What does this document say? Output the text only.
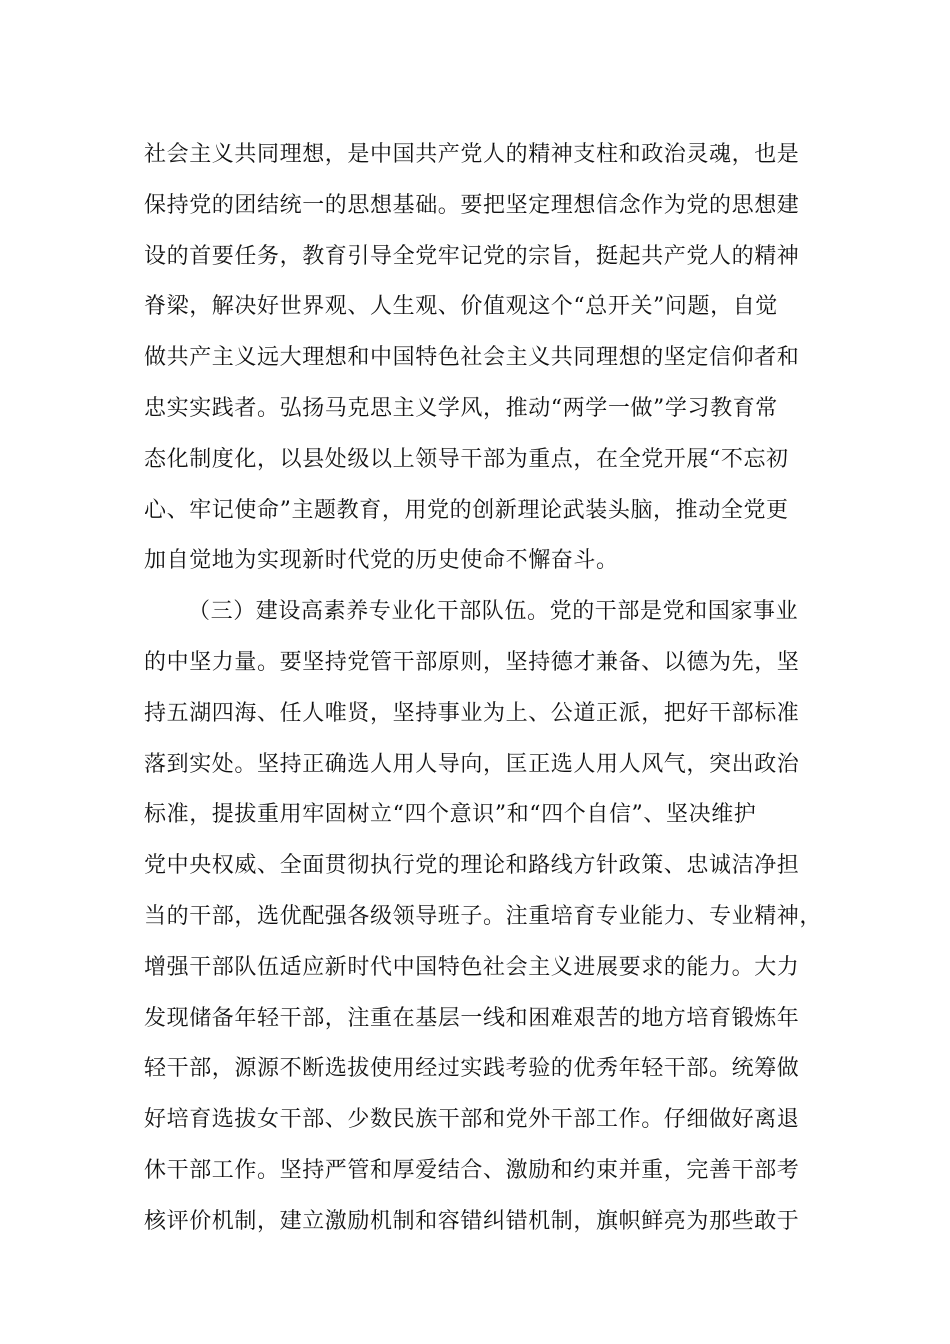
社会主义共同理想，是中国共产党人的精神支柱和政治灵魂，也是
保持党的团结统一的思想基础。要把坚定理想信念作为党的思想建
设的首要任务，教育引导全党牢记党的宗旨，挺起共产党人的精神
脊梁，解决好世界观、人生观、价值观这个“总开关”问题，自觉
做共产主义远大理想和中国特色社会主义共同理想的坚定信仰者和
忠实实践者。弘扬马克思主义学风，推动“两学一做”学习教育常
态化制度化，以县处级以上领导干部为重点，在全党开展“不忘初
心、牢记使命”主题教育，用党的创新理论武装头脑，推动全党更
加自觉地为实现新时代党的历史使命不懈奋斗。
（三）建设高素养专业化干部队伍。党的干部是党和国家事业
的中坚力量。要坚持党管干部原则，坚持德才兼备、以德为先，坚
持五湖四海、任人唯贤，坚持事业为上、公道正派，把好干部标准
落到实处。坚持正确选人用人导向，匡正选人用人风气，突出政治
标准，提拔重用牢固树立“四个意识”和“四个自信”、坚决维护
党中央权威、全面贯彻执行党的理论和路线方针政策、忠诚洁净担
当的干部，选优配强各级领导班子。注重培育专业能力、专业精神，
增强干部队伍适应新时代中国特色社会主义进展要求的能力。大力
发现储备年轻干部，注重在基层一线和困难艰苦的地方培育锻炼年
轻干部，源源不断选拔使用经过实践考验的优秀年轻干部。统筹做
好培育选拔女干部、少数民族干部和党外干部工作。仔细做好离退
休干部工作。坚持严管和厚爱结合、激励和约束并重，完善干部考
核评价机制，建立激励机制和容错纠错机制，旗帜鲜亮为那些敢于
